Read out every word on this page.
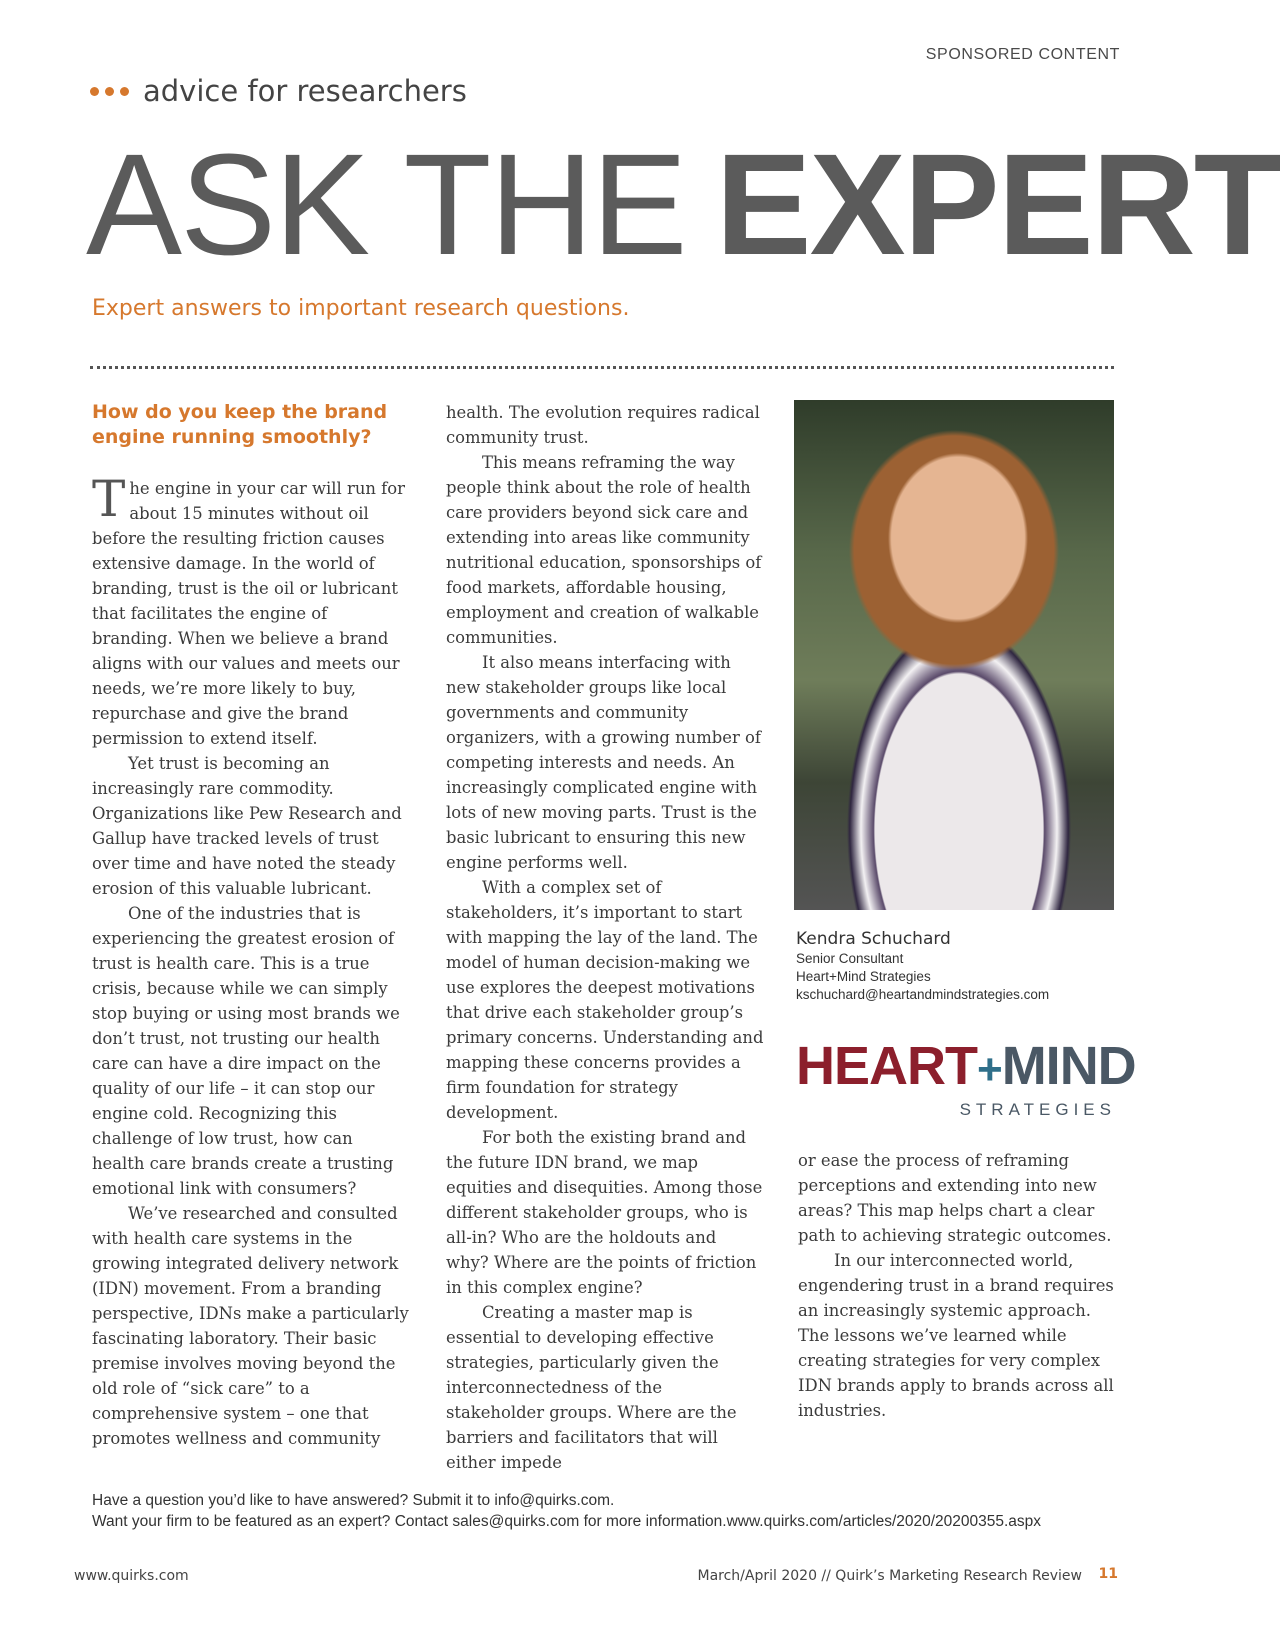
SPONSORED CONTENT
advice for researchers
ASK THE EXPERT
Expert answers to important research questions.
How do you keep the brand
engine running smoothly?

The engine in your car will run for about 15 minutes without oil before the resulting friction causes extensive damage. In the world of branding, trust is the oil or lubricant that facilitates the engine of branding. When we believe a brand aligns with our values and meets our needs, we’re more likely to buy, repurchase and give the brand permission to extend itself.

Yet trust is becoming an increasingly rare commodity. Organizations like Pew Research and Gallup have tracked levels of trust over time and have noted the steady erosion of this valuable lubricant.

One of the industries that is experiencing the greatest erosion of trust is health care. This is a true crisis, because while we can simply stop buying or using most brands we don’t trust, not trusting our health care can have a dire impact on the quality of our life – it can stop our engine cold. Recognizing this challenge of low trust, how can health care brands create a trusting emotional link with consumers?

We’ve researched and consulted with health care systems in the growing integrated delivery network (IDN) movement. From a branding perspective, IDNs make a particularly fascinating laboratory. Their basic premise involves moving beyond the old role of “sick care” to a comprehensive system – one that promotes wellness and community

health. The evolution requires radical community trust.

This means reframing the way people think about the role of health care providers beyond sick care and extending into areas like community nutritional education, sponsorships of food markets, affordable housing, employment and creation of walkable communities.

It also means interfacing with new stakeholder groups like local governments and community organizers, with a growing number of competing interests and needs. An increasingly complicated engine with lots of new moving parts. Trust is the basic lubricant to ensuring this new engine performs well.

With a complex set of stakeholders, it’s important to start with mapping the lay of the land. The model of human decision-making we use explores the deepest motivations that drive each stakeholder group’s primary concerns. Understanding and mapping these concerns provides a firm foundation for strategy development.

For both the existing brand and the future IDN brand, we map equities and disequities. Among those different stakeholder groups, who is all-in? Who are the holdouts and why? Where are the points of friction in this complex engine?

Creating a master map is essential to developing effective strategies, particularly given the interconnectedness of the stakeholder groups. Where are the barriers and facilitators that will either impede

Kendra Schuchard
Senior Consultant
Heart+Mind Strategies
kschuchard@heartandmindstrategies.com
HEART+MIND
STRATEGIES

or ease the process of reframing perceptions and extending into new areas? This map helps chart a clear path to achieving strategic outcomes.

In our interconnected world, engendering trust in a brand requires an increasingly systemic approach. The lessons we’ve learned while creating strategies for very complex IDN brands apply to brands across all industries.

Have a question you’d like to have answered? Submit it to info@quirks.com.
Want your firm to be featured as an expert? Contact sales@quirks.com for more information.www.quirks.com/articles/2020/20200355.aspx
www.quirks.com	March/April 2020 // Quirk’s Marketing Research Review 11
